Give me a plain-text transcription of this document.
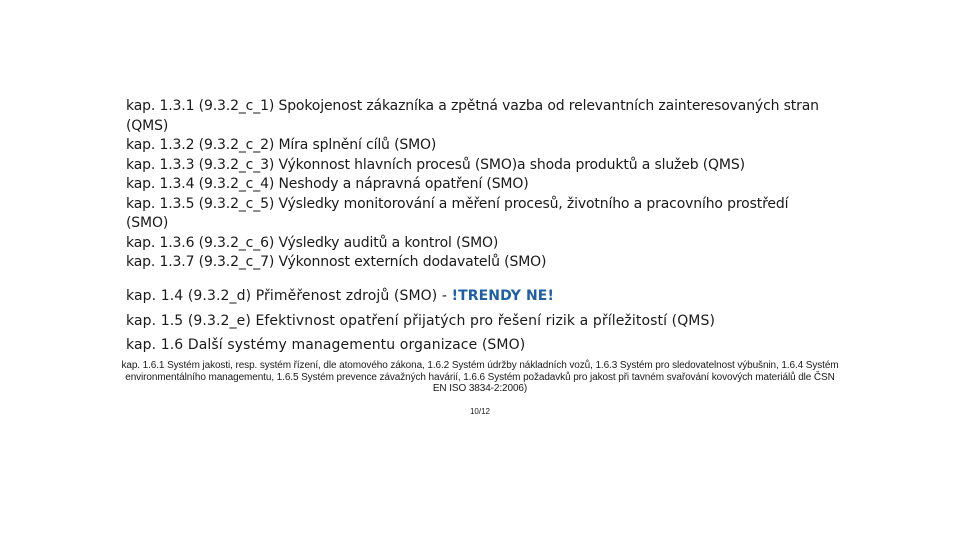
kap. 1.3.1 (9.3.2_c_1) Spokojenost zákazníka a zpětná vazba od relevantních zainteresovaných stran (QMS)
kap. 1.3.2 (9.3.2_c_2) Míra splnění cílů (SMO)
kap. 1.3.3 (9.3.2_c_3) Výkonnost hlavních procesů (SMO)a shoda produktů a služeb (QMS)
kap. 1.3.4 (9.3.2_c_4) Neshody a nápravná opatření (SMO)
kap. 1.3.5 (9.3.2_c_5) Výsledky monitorování a měření procesů, životního a pracovního prostředí (SMO)
kap. 1.3.6 (9.3.2_c_6) Výsledky auditů a kontrol (SMO)
kap. 1.3.7 (9.3.2_c_7) Výkonnost externích dodavatelů (SMO)
kap. 1.4 (9.3.2_d) Přiměřenost zdrojů (SMO) - !TRENDY NE!
kap. 1.5 (9.3.2_e) Efektivnost opatření přijatých pro řešení rizik a příležitostí (QMS)
kap. 1.6 Další systémy managementu organizace (SMO)
kap. 1.6.1 Systém jakosti, resp. systém řízení, dle atomového zákona, 1.6.2 Systém údržby nákladních vozů, 1.6.3 Systém pro sledovatelnost výbušnin, 1.6.4 Systém environmentálního managementu, 1.6.5 Systém prevence závažných havárií, 1.6.6 Systém požadavků pro jakost při tavném svařování kovových materiálů dle ČSN EN ISO 3834-2:2006)
10/12
